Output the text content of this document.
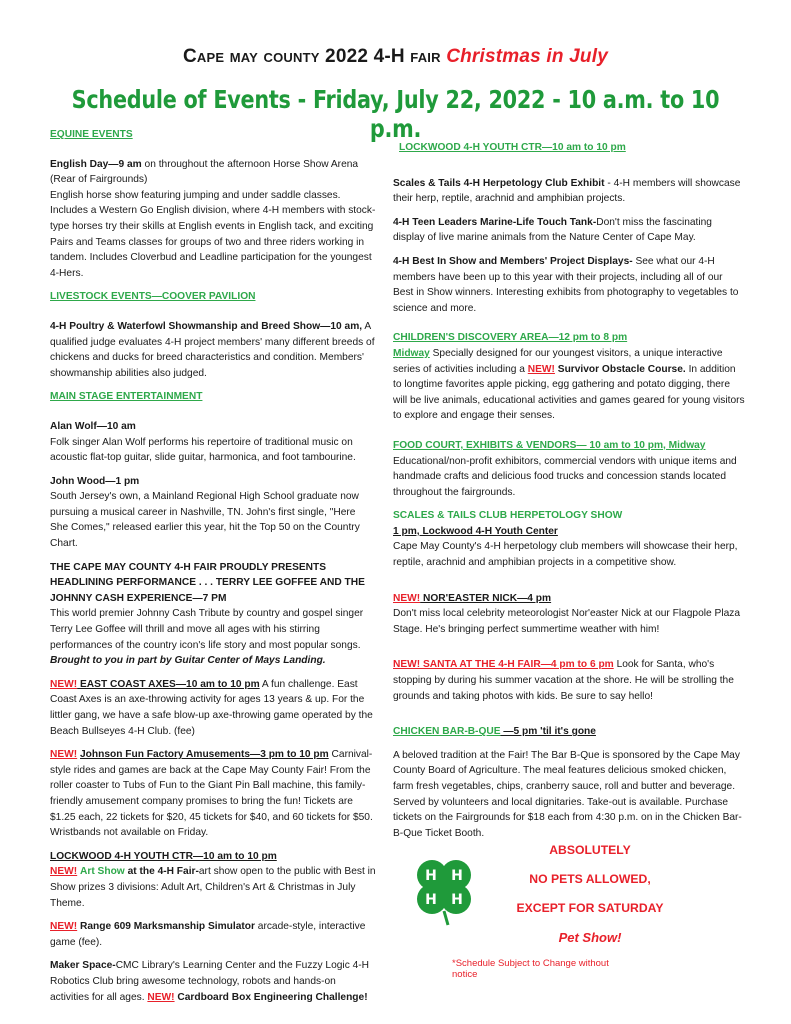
Cape may county 2022 4-H fair Christmas in July
Schedule of Events - Friday, July 22, 2022 - 10 a.m. to 10 p.m.
EQUINE EVENTS

English Day—9 am on throughout the afternoon Horse Show Arena

(Rear of Fairgrounds)

English horse show featuring jumping and under saddle classes. Includes a Western Go English division, where 4-H members with stock-type horses try their skills at English events in English tack, and exciting Pairs and Teams classes for groups of two and three riders working in tandem. Includes Cloverbud and Leadline participation for the youngest 4-Hers.

LIVESTOCK EVENTS—COOVER PAVILION

4-H Poultry & Waterfowl Showmanship and Breed Show—10 am, A qualified judge evaluates 4-H project members' many different breeds of chickens and ducks for breed characteristics and condition. Members' showmanship abilities also judged.

MAIN STAGE ENTERTAINMENT

Alan Wolf—10 am

Folk singer Alan Wolf performs his repertoire of traditional music on acoustic flat-top guitar, slide guitar, harmonica, and foot tambourine.

John Wood—1 pm

South Jersey's own, a Mainland Regional High School graduate now pursuing a musical career in Nashville, TN. John's first single, "Here She Comes," released earlier this year, hit the Top 50 on the Country Chart.

THE CAPE MAY COUNTY 4-H FAIR PROUDLY PRESENTS HEADLINING PERFORMANCE . . . TERRY LEE GOFFEE AND THE JOHNNY CASH EXPERIENCE—7 PM

This world premier Johnny Cash Tribute by country and gospel singer Terry Lee Goffee will thrill and move all ages with his stirring performances of the country icon's life story and most popular songs. Brought to you in part by Guitar Center of Mays Landing.

NEW! EAST COAST AXES—10 am to 10 pm A fun challenge. East Coast Axes is an axe-throwing activity for ages 13 years & up. For the littler gang, we have a safe blow-up axe-throwing game operated by the Beach Bullseyes 4-H Club. (fee)

NEW! Johnson Fun Factory Amusements—3 pm to 10 pm Carnival-style rides and games are back at the Cape May County Fair! From the roller coaster to Tubs of Fun to the Giant Pin Ball machine, this family-friendly amusement company promises to bring the fun! Tickets are $1.25 each, 22 tickets for $20, 45 tickets for $40, and 60 tickets for $50.

Wristbands not available on Friday.

LOCKWOOD 4-H YOUTH CTR—10 am to 10 pm

NEW! Art Show at the 4-H Fair-art show open to the public with Best in Show prizes 3 divisions: Adult Art, Children's Art & Christmas in July Theme.

NEW! Range 609 Marksmanship Simulator arcade-style, interactive game (fee).

Maker Space-CMC Library's Learning Center and the Fuzzy Logic 4-H Robotics Club bring awesome technology, robots and hands-on activities for all ages. NEW! Cardboard Box Engineering Challenge!

LOCKWOOD 4-H YOUTH CTR—10 am to 10 pm

Scales & Tails 4-H Herpetology Club Exhibit - 4-H members will showcase their herp, reptile, arachnid and amphibian projects.

4-H Teen Leaders Marine-Life Touch Tank-Don't miss the fascinating display of live marine animals from the Nature Center of Cape May.

4-H Best In Show and Members' Project Displays- See what our 4-H members have been up to this year with their projects, including all of our Best in Show winners. Interesting exhibits from photography to vegetables to science and more.

CHILDREN'S DISCOVERY AREA—12 pm to 8 pm

Midway Specially designed for our youngest visitors, a unique interactive series of activities including a NEW! Survivor Obstacle Course. In addition to longtime favorites apple picking, egg gathering and potato digging, there will be live animals, educational activities and games geared for young visitors to explore and engage their senses.

FOOD COURT, EXHIBITS & VENDORS— 10 am to 10 pm, Midway

Educational/non-profit exhibitors, commercial vendors with unique items and handmade crafts and delicious food trucks and concession stands located throughout the fairgrounds.

SCALES & TAILS CLUB HERPETOLOGY SHOW
1 pm, Lockwood 4-H Youth Center

Cape May County's 4-H herpetology club members will showcase their herp, reptile, arachnid and amphibian projects in a competitive show.

NEW! NOR'EASTER NICK—4 pm

Don't miss local celebrity meteorologist Nor'easter Nick at our Flagpole Plaza Stage. He's bringing perfect summertime weather with him!

NEW! SANTA AT THE 4-H FAIR—4 pm to 6 pm Look for Santa, who's stopping by during his summer vacation at the shore. He will be strolling the grounds and taking photos with kids. Be sure to say hello!

CHICKEN BAR-B-QUE —5 pm 'til it's gone

A beloved tradition at the Fair! The Bar B-Que is sponsored by the Cape May County Board of Agriculture. The meal features delicious smoked chicken, farm fresh vegetables, chips, cranberry sauce, roll and butter and beverage. Served by volunteers and local dignitaries. Take-out is available. Purchase tickets on the Fairgrounds for $18 each from 4:30 p.m. on in the Chicken Bar-B-Que Ticket Booth.

H H
H H
ABSOLUTELY
NO PETS ALLOWED,
EXCEPT FOR SATURDAY
Pet Show!
*Schedule Subject to Change without notice
